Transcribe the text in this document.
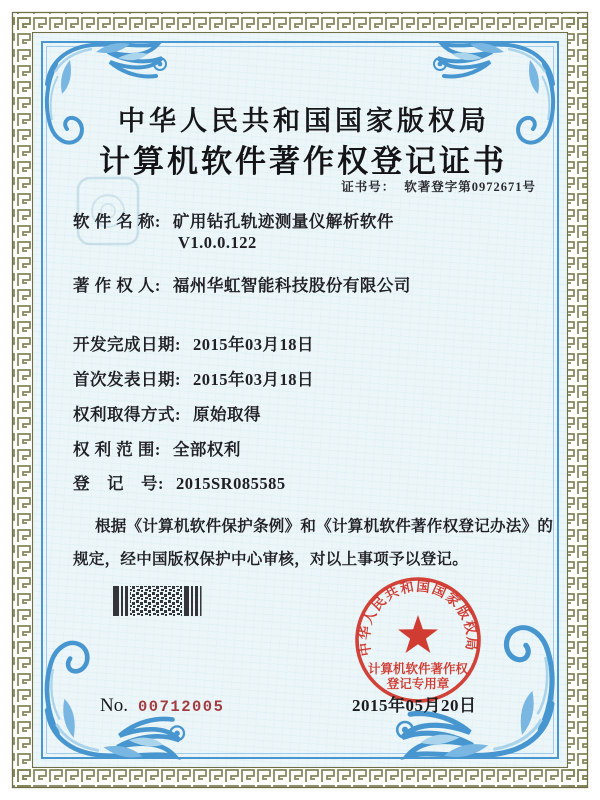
中华人民共和国国家版权局
计算机软件著作权登记证书
证书号： 软著登字第0972671号
软 件 名 称: 矿用钻孔轨迹测量仪解析软件
V1.0.0.122
著 作 权 人: 福州华虹智能科技股份有限公司
开发完成日期: 2015年03月18日
首次发表日期: 2015年03月18日
权利取得方式: 原始取得
权 利 范 围: 全部权利
登　记　号: 2015SR085585
根据《计算机软件保护条例》和《计算机软件著作权登记办法》的
规定，经中国版权保护中心审核，对以上事项予以登记。
中华人民共和国国家版权局
计算机软件著作权
登记专用章
2015年05月20日
No. 00712005
